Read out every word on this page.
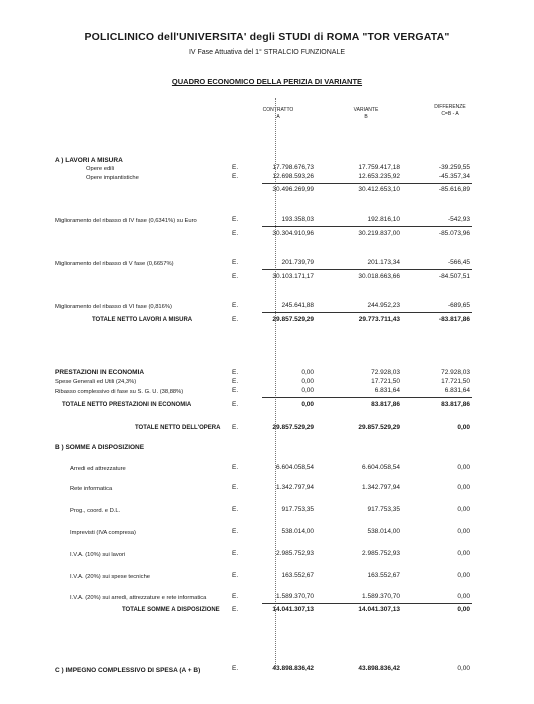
POLICLINICO dell'UNIVERSITA' degli STUDI di ROMA "TOR VERGATA"
IV Fase Attuativa del 1° STRALCIO FUNZIONALE
QUADRO ECONOMICO DELLA PERIZIA DI VARIANTE
CONTRATTO
A
VARIANTE
B
DIFFERENZE
C=B - A
A ) LAVORI A MISURA
Opere edili	E.	17.798.676,73	17.759.417,18	-39.259,55
Opere impiantistiche	E.	12.698.593,26	12.653.235,92	-45.357,34
30.496.269,99	30.412.653,10	-85.616,89
Miglioramento del ribasso di IV fase (0,6341%) su Euro	E.	193.358,03	192.816,10	-542,93
E.	30.304.910,96	30.219.837,00	-85.073,96
Miglioramento del ribasso di V fase (0,6657%)	E.	201.739,79	201.173,34	-566,45
E.	30.103.171,17	30.018.663,66	-84.507,51
Miglioramento del ribasso di VI fase (0,816%)	E.	245.641,88	244.952,23	-689,65
TOTALE NETTO LAVORI A MISURA	E.	29.857.529,29	29.773.711,43	-83.817,86
PRESTAZIONI IN ECONOMIA	E.	0,00	72.928,03	72.928,03
Spese Generali ed Utili (24,3%)	E.	0,00	17.721,50	17.721,50
Ribasso complessivo di fase su S. G. U. (38,88%)	E.	0,00	6.831,64	6.831,64
TOTALE NETTO PRESTAZIONI IN ECONOMIA	E.	0,00	83.817,86	83.817,86
TOTALE NETTO DELL'OPERA E.	29.857.529,29	29.857.529,29	0,00
B ) SOMME A DISPOSIZIONE
Arredi ed attrezzature	E.	6.604.058,54	6.604.058,54	0,00
Rete informatica	E.	1.342.797,94	1.342.797,94	0,00
Prog., coord. e D.L.	E.	917.753,35	917.753,35	0,00
Imprevisti (IVA compresa)	E.	538.014,00	538.014,00	0,00
I.V.A. (10%) sui lavori	E.	2.985.752,93	2.985.752,93	0,00
I.V.A. (20%) sui spese tecniche	E.	163.552,67	163.552,67	0,00
I.V.A. (20%) sui arredi, attrezzature e rete informatica	E.	1.589.370,70	1.589.370,70	0,00
TOTALE SOMME A DISPOSIZIONE E.	14.041.307,13	14.041.307,13	0,00
C ) IMPEGNO COMPLESSIVO DI SPESA (A + B)	E.	43.898.836,42	43.898.836,42	0,00
